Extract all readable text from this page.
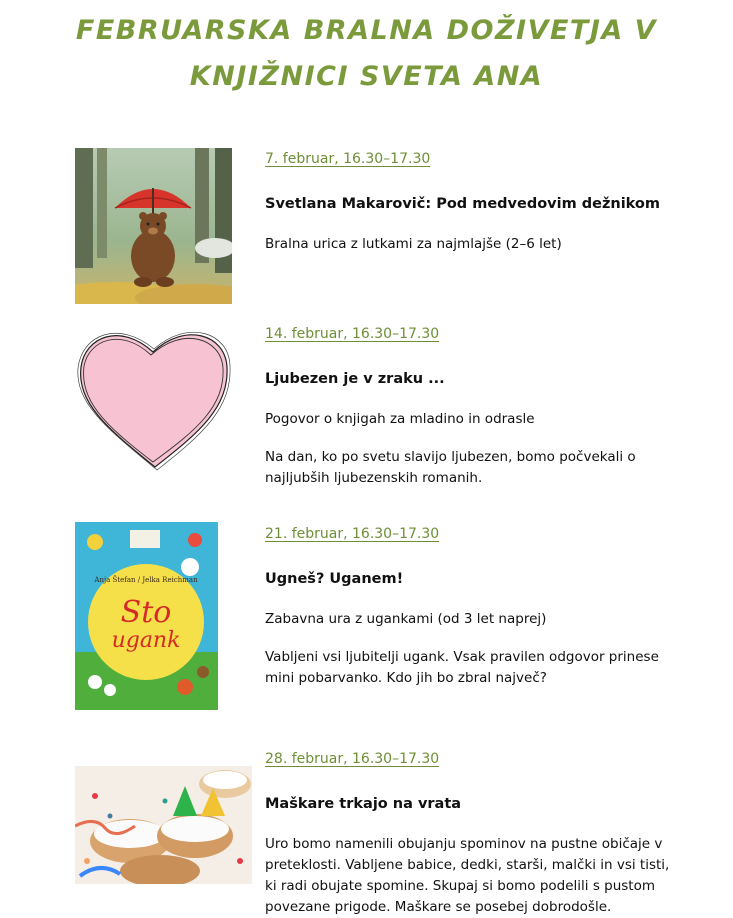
FEBRUARSKA BRALNA DOŽIVETJA V
KNJIŽNICI SVETA ANA
7. februar, 16.30–17.30
Svetlana Makarovič: Pod medvedovim dežnikom
Bralna urica z lutkami za najmlajše (2–6 let)
14. februar, 16.30–17.30
Ljubezen je v zraku ...
Pogovor o knjigah za mladino in odrasle
Na dan, ko po svetu slavijo ljubezen, bomo počvekali o najljubših ljubezenskih romanih.
Anja Štefan / Jelka Reichman
Sto
ugank
21. februar, 16.30–17.30
Ugneš? Uganem!
Zabavna ura z ugankami (od 3 let naprej)
Vabljeni vsi ljubitelji ugank. Vsak pravilen odgovor prinese mini pobarvanko. Kdo jih bo zbral največ?
28. februar, 16.30–17.30
Maškare trkajo na vrata
Uro bomo namenili obujanju spominov na pustne običaje v preteklosti. Vabljene babice, dedki, starši, malčki in vsi tisti, ki radi obujate spomine. Skupaj si bomo podelili s pustom povezane prigode. Maškare se posebej dobrodošle.
